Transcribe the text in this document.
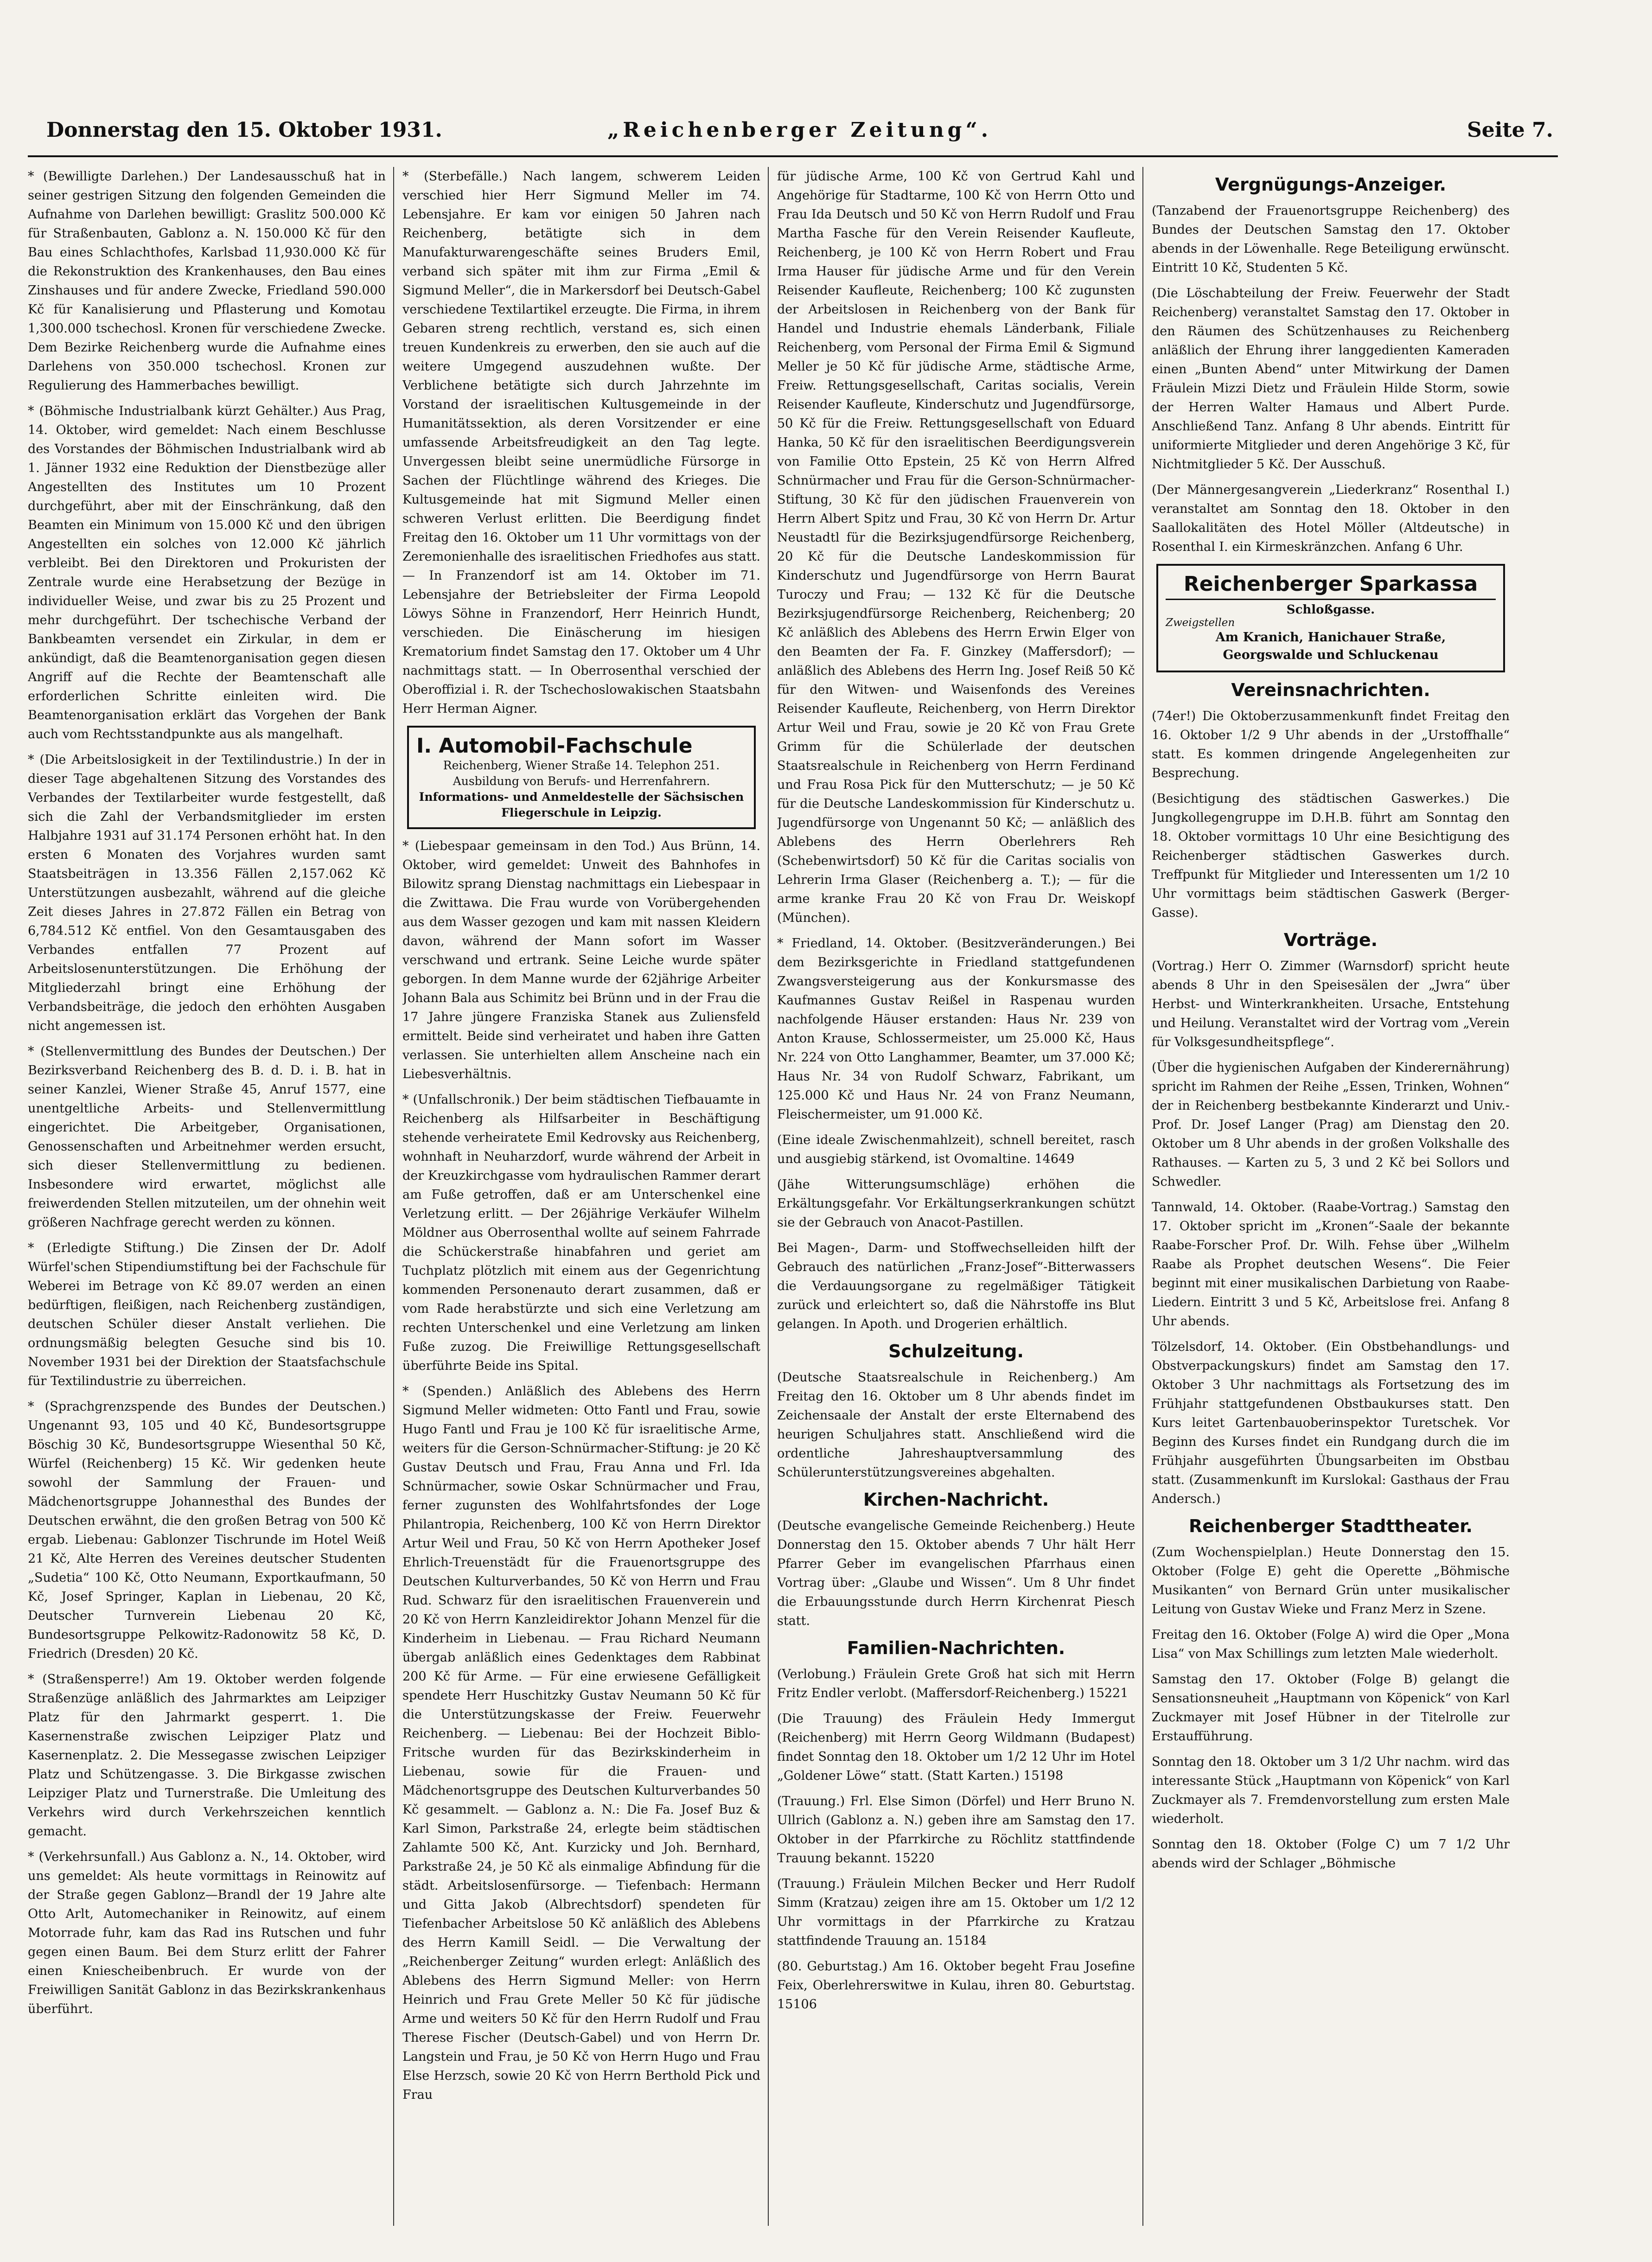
Donnerstag den 15. Oktober 1931.	„Reichenberger Zeitung“.	Seite 7.

* (Bewilligte Darlehen.) Der Landesausschuß hat in seiner gestrigen Sitzung den folgenden Gemeinden die Aufnahme von Darlehen bewilligt: Graslitz 500.000 Kč für Straßenbauten, Gablonz a. N. 150.000 Kč für den Bau eines Schlachthofes, Karlsbad 11,930.000 Kč für die Rekonstruktion des Krankenhauses, den Bau eines Zinshauses und für andere Zwecke, Friedland 590.000 Kč für Kanalisierung und Pflasterung und Komotau 1,300.000 tschechosl. Kronen für verschiedene Zwecke. Dem Bezirke Reichenberg wurde die Aufnahme eines Darlehens von 350.000 tschechosl. Kronen zur Regulierung des Hammerbaches bewilligt.

* (Böhmische Industrialbank kürzt Gehälter.) Aus Prag, 14. Oktober, wird gemeldet: Nach einem Beschlusse des Vorstandes der Böhmischen Industrialbank wird ab 1. Jänner 1932 eine Reduktion der Dienstbezüge aller Angestellten des Institutes um 10 Prozent durchgeführt, aber mit der Einschränkung, daß den Beamten ein Minimum von 15.000 Kč und den übrigen Angestellten ein solches von 12.000 Kč jährlich verbleibt. Bei den Direktoren und Prokuristen der Zentrale wurde eine Herabsetzung der Bezüge in individueller Weise, und zwar bis zu 25 Prozent und mehr durchgeführt. Der tschechische Verband der Bankbeamten versendet ein Zirkular, in dem er ankündigt, daß die Beamtenorganisation gegen diesen Angriff auf die Rechte der Beamtenschaft alle erforderlichen Schritte einleiten wird. Die Beamtenorganisation erklärt das Vorgehen der Bank auch vom Rechtsstandpunkte aus als mangelhaft.

* (Die Arbeitslosigkeit in der Textilindustrie.) In der in dieser Tage abgehaltenen Sitzung des Vorstandes des Verbandes der Textilarbeiter wurde festgestellt, daß sich die Zahl der Verbandsmitglieder im ersten Halbjahre 1931 auf 31.174 Personen erhöht hat. In den ersten 6 Monaten des Vorjahres wurden samt Staatsbeiträgen in 13.356 Fällen 2,157.062 Kč Unterstützungen ausbezahlt, während auf die gleiche Zeit dieses Jahres in 27.872 Fällen ein Betrag von 6,784.512 Kč entfiel. Von den Gesamtausgaben des Verbandes entfallen 77 Prozent auf Arbeitslosenunterstützungen. Die Erhöhung der Mitgliederzahl bringt eine Erhöhung der Verbandsbeiträge, die jedoch den erhöhten Ausgaben nicht angemessen ist.

* (Stellenvermittlung des Bundes der Deutschen.) Der Bezirksverband Reichenberg des B. d. D. i. B. hat in seiner Kanzlei, Wiener Straße 45, Anruf 1577, eine unentgeltliche Arbeits- und Stellenvermittlung eingerichtet. Die Arbeitgeber, Organisationen, Genossenschaften und Arbeitnehmer werden ersucht, sich dieser Stellenvermittlung zu bedienen. Insbesondere wird erwartet, möglichst alle freiwerdenden Stellen mitzuteilen, um der ohnehin weit größeren Nachfrage gerecht werden zu können.

* (Erledigte Stiftung.) Die Zinsen der Dr. Adolf Würfel'schen Stipendiumstiftung bei der Fachschule für Weberei im Betrage von Kč 89.07 werden an einen bedürftigen, fleißigen, nach Reichenberg zuständigen, deutschen Schüler dieser Anstalt verliehen. Die ordnungsmäßig belegten Gesuche sind bis 10. November 1931 bei der Direktion der Staatsfachschule für Textilindustrie zu überreichen.

* (Sprachgrenzspende des Bundes der Deutschen.) Ungenannt 93, 105 und 40 Kč, Bundesortsgruppe Böschig 30 Kč, Bundesortsgruppe Wiesenthal 50 Kč, Würfel (Reichenberg) 15 Kč. Wir gedenken heute sowohl der Sammlung der Frauen- und Mädchenortsgruppe Johannesthal des Bundes der Deutschen erwähnt, die den großen Betrag von 500 Kč ergab. Liebenau: Gablonzer Tischrunde im Hotel Weiß 21 Kč, Alte Herren des Vereines deutscher Studenten „Sudetia“ 100 Kč, Otto Neumann, Exportkaufmann, 50 Kč, Josef Springer, Kaplan in Liebenau, 20 Kč, Deutscher Turnverein Liebenau 20 Kč, Bundesortsgruppe Pelkowitz-Radonowitz 58 Kč, D. Friedrich (Dresden) 20 Kč.

* (Straßensperre!) Am 19. Oktober werden folgende Straßenzüge anläßlich des Jahrmarktes am Leipziger Platz für den Jahrmarkt gesperrt. 1. Die Kasernenstraße zwischen Leipziger Platz und Kasernenplatz. 2. Die Messegasse zwischen Leipziger Platz und Schützengasse. 3. Die Birkgasse zwischen Leipziger Platz und Turnerstraße. Die Umleitung des Verkehrs wird durch Verkehrszeichen kenntlich gemacht.

* (Verkehrsunfall.) Aus Gablonz a. N., 14. Oktober, wird uns gemeldet: Als heute vormittags in Reinowitz auf der Straße gegen Gablonz—Brandl der 19 Jahre alte Otto Arlt, Automechaniker in Reinowitz, auf einem Motorrade fuhr, kam das Rad ins Rutschen und fuhr gegen einen Baum. Bei dem Sturz erlitt der Fahrer einen Kniescheibenbruch. Er wurde von der Freiwilligen Sanität Gablonz in das Bezirkskrankenhaus überführt.

* (Sterbefälle.) Nach langem, schwerem Leiden verschied hier Herr Sigmund Meller im 74. Lebensjahre. Er kam vor einigen 50 Jahren nach Reichenberg, betätigte sich in dem Manufakturwarengeschäfte seines Bruders Emil, verband sich später mit ihm zur Firma „Emil & Sigmund Meller“, die in Markersdorf bei Deutsch-Gabel verschiedene Textilartikel erzeugte. Die Firma, in ihrem Gebaren streng rechtlich, verstand es, sich einen treuen Kundenkreis zu erwerben, den sie auch auf die weitere Umgegend auszudehnen wußte. Der Verblichene betätigte sich durch Jahrzehnte im Vorstand der israelitischen Kultusgemeinde in der Humanitätssektion, als deren Vorsitzender er eine umfassende Arbeitsfreudigkeit an den Tag legte. Unvergessen bleibt seine unermüdliche Fürsorge in Sachen der Flüchtlinge während des Krieges. Die Kultusgemeinde hat mit Sigmund Meller einen schweren Verlust erlitten. Die Beerdigung findet Freitag den 16. Oktober um 11 Uhr vormittags von der Zeremonienhalle des israelitischen Friedhofes aus statt. — In Franzendorf ist am 14. Oktober im 71. Lebensjahre der Betriebsleiter der Firma Leopold Löwys Söhne in Franzendorf, Herr Heinrich Hundt, verschieden. Die Einäscherung im hiesigen Krematorium findet Samstag den 17. Oktober um 4 Uhr nachmittags statt. — In Oberrosenthal verschied der Oberoffizial i. R. der Tschechoslowakischen Staatsbahn Herr Herman Aigner.

I. Automobil-Fachschule
Reichenberg, Wiener Straße 14. Telephon 251.
Ausbildung von Berufs- und Herrenfahrern.
Informations- und Anmeldestelle der Sächsischen Fliegerschule in Leipzig.

* (Liebespaar gemeinsam in den Tod.) Aus Brünn, 14. Oktober, wird gemeldet: Unweit des Bahnhofes in Bilowitz sprang Dienstag nachmittags ein Liebespaar in die Zwittawa. Die Frau wurde von Vorübergehenden aus dem Wasser gezogen und kam mit nassen Kleidern davon, während der Mann sofort im Wasser verschwand und ertrank. Seine Leiche wurde später geborgen. In dem Manne wurde der 62jährige Arbeiter Johann Bala aus Schimitz bei Brünn und in der Frau die 17 Jahre jüngere Franziska Stanek aus Zuliensfeld ermittelt. Beide sind verheiratet und haben ihre Gatten verlassen. Sie unterhielten allem Anscheine nach ein Liebesverhältnis.

* (Unfallschronik.) Der beim städtischen Tiefbauamte in Reichenberg als Hilfsarbeiter in Beschäftigung stehende verheiratete Emil Kedrovsky aus Reichenberg, wohnhaft in Neuharzdorf, wurde während der Arbeit in der Kreuzkirchgasse vom hydraulischen Rammer derart am Fuße getroffen, daß er am Unterschenkel eine Verletzung erlitt. — Der 26jährige Verkäufer Wilhelm Möldner aus Oberrosenthal wollte auf seinem Fahrrade die Schückerstraße hinabfahren und geriet am Tuchplatz plötzlich mit einem aus der Gegenrichtung kommenden Personenauto derart zusammen, daß er vom Rade herabstürzte und sich eine Verletzung am rechten Unterschenkel und eine Verletzung am linken Fuße zuzog. Die Freiwillige Rettungsgesellschaft überführte Beide ins Spital.

* (Spenden.) Anläßlich des Ablebens des Herrn Sigmund Meller widmeten: Otto Fantl und Frau, sowie Hugo Fantl und Frau je 100 Kč für israelitische Arme, weiters für die Gerson-Schnürmacher-Stiftung: je 20 Kč Gustav Deutsch und Frau, Frau Anna und Frl. Ida Schnürmacher, sowie Oskar Schnürmacher und Frau, ferner zugunsten des Wohlfahrtsfondes der Loge Philantropia, Reichenberg, 100 Kč von Herrn Direktor Artur Weil und Frau, 50 Kč von Herrn Apotheker Josef Ehrlich-Treuenstädt für die Frauenortsgruppe des Deutschen Kulturverbandes, 50 Kč von Herrn und Frau Rud. Schwarz für den israelitischen Frauenverein und 20 Kč von Herrn Kanzleidirektor Johann Menzel für die Kinderheim in Liebenau. — Frau Richard Neumann übergab anläßlich eines Gedenktages dem Rabbinat 200 Kč für Arme. — Für eine erwiesene Gefälligkeit spendete Herr Huschitzky Gustav Neumann 50 Kč für die Unterstützungskasse der Freiw. Feuerwehr Reichenberg. — Liebenau: Bei der Hochzeit Biblo-Fritsche wurden für das Bezirkskinderheim in Liebenau, sowie für die Frauen- und Mädchenortsgruppe des Deutschen Kulturverbandes 50 Kč gesammelt. — Gablonz a. N.: Die Fa. Josef Buz & Karl Simon, Parkstraße 24, erlegte beim städtischen Zahlamte 500 Kč, Ant. Kurzicky und Joh. Bernhard, Parkstraße 24, je 50 Kč als einmalige Abfindung für die städt. Arbeitslosenfürsorge. — Tiefenbach: Hermann und Gitta Jakob (Albrechtsdorf) spendeten für Tiefenbacher Arbeitslose 50 Kč anläßlich des Ablebens des Herrn Kamill Seidl. — Die Verwaltung der „Reichenberger Zeitung“ wurden erlegt: Anläßlich des Ablebens des Herrn Sigmund Meller: von Herrn Heinrich und Frau Grete Meller 50 Kč für jüdische Arme und weiters 50 Kč für den Herrn Rudolf und Frau Therese Fischer (Deutsch-Gabel) und von Herrn Dr. Langstein und Frau, je 50 Kč von Herrn Hugo und Frau Else Herzsch, sowie 20 Kč von Herrn Berthold Pick und Frau

für jüdische Arme, 100 Kč von Gertrud Kahl und Angehörige für Stadtarme, 100 Kč von Herrn Otto und Frau Ida Deutsch und 50 Kč von Herrn Rudolf und Frau Martha Fasche für den Verein Reisender Kaufleute, Reichenberg, je 100 Kč von Herrn Robert und Frau Irma Hauser für jüdische Arme und für den Verein Reisender Kaufleute, Reichenberg; 100 Kč zugunsten der Arbeitslosen in Reichenberg von der Bank für Handel und Industrie ehemals Länderbank, Filiale Reichenberg, vom Personal der Firma Emil & Sigmund Meller je 50 Kč für jüdische Arme, städtische Arme, Freiw. Rettungsgesellschaft, Caritas socialis, Verein Reisender Kaufleute, Kinderschutz und Jugendfürsorge, 50 Kč für die Freiw. Rettungsgesellschaft von Eduard Hanka, 50 Kč für den israelitischen Beerdigungsverein von Familie Otto Epstein, 25 Kč von Herrn Alfred Schnürmacher und Frau für die Gerson-Schnürmacher-Stiftung, 30 Kč für den jüdischen Frauenverein von Herrn Albert Spitz und Frau, 30 Kč von Herrn Dr. Artur Neustadtl für die Bezirksjugendfürsorge Reichenberg, 20 Kč für die Deutsche Landeskommission für Kinderschutz und Jugendfürsorge von Herrn Baurat Turoczy und Frau; — 132 Kč für die Deutsche Bezirksjugendfürsorge Reichenberg, Reichenberg; 20 Kč anläßlich des Ablebens des Herrn Erwin Elger von den Beamten der Fa. F. Ginzkey (Maffersdorf); — anläßlich des Ablebens des Herrn Ing. Josef Reiß 50 Kč für den Witwen- und Waisenfonds des Vereines Reisender Kaufleute, Reichenberg, von Herrn Direktor Artur Weil und Frau, sowie je 20 Kč von Frau Grete Grimm für die Schülerlade der deutschen Staatsrealschule in Reichenberg von Herrn Ferdinand und Frau Rosa Pick für den Mutterschutz; — je 50 Kč für die Deutsche Landeskommission für Kinderschutz u. Jugendfürsorge von Ungenannt 50 Kč; — anläßlich des Ablebens des Herrn Oberlehrers Reh (Schebenwirtsdorf) 50 Kč für die Caritas socialis von Lehrerin Irma Glaser (Reichenberg a. T.); — für die arme kranke Frau 20 Kč von Frau Dr. Weiskopf (München).

* Friedland, 14. Oktober. (Besitzveränderungen.) Bei dem Bezirksgerichte in Friedland stattgefundenen Zwangsversteigerung aus der Konkursmasse des Kaufmannes Gustav Reißel in Raspenau wurden nachfolgende Häuser erstanden: Haus Nr. 239 von Anton Krause, Schlossermeister, um 25.000 Kč, Haus Nr. 224 von Otto Langhammer, Beamter, um 37.000 Kč; Haus Nr. 34 von Rudolf Schwarz, Fabrikant, um 125.000 Kč und Haus Nr. 24 von Franz Neumann, Fleischermeister, um 91.000 Kč.

(Eine ideale Zwischenmahlzeit), schnell bereitet, rasch und ausgiebig stärkend, ist Ovomaltine. 14649

(Jähe Witterungsumschläge) erhöhen die Erkältungsgefahr. Vor Erkältungserkrankungen schützt sie der Gebrauch von Anacot-Pastillen.

Bei Magen-, Darm- und Stoffwechselleiden hilft der Gebrauch des natürlichen „Franz-Josef“-Bitterwassers die Verdauungsorgane zu regelmäßiger Tätigkeit zurück und erleichtert so, daß die Nährstoffe ins Blut gelangen. In Apoth. und Drogerien erhältlich.

Schulzeitung.

(Deutsche Staatsrealschule in Reichenberg.) Am Freitag den 16. Oktober um 8 Uhr abends findet im Zeichensaale der Anstalt der erste Elternabend des heurigen Schuljahres statt. Anschließend wird die ordentliche Jahreshauptversammlung des Schülerunterstützungsvereines abgehalten.

Kirchen-Nachricht.

(Deutsche evangelische Gemeinde Reichenberg.) Heute Donnerstag den 15. Oktober abends 7 Uhr hält Herr Pfarrer Geber im evangelischen Pfarrhaus einen Vortrag über: „Glaube und Wissen“. Um 8 Uhr findet die Erbauungsstunde durch Herrn Kirchenrat Piesch statt.

Familien-Nachrichten.

(Verlobung.) Fräulein Grete Groß hat sich mit Herrn Fritz Endler verlobt. (Maffersdorf-Reichenberg.) 15221

(Die Trauung) des Fräulein Hedy Immergut (Reichenberg) mit Herrn Georg Wildmann (Budapest) findet Sonntag den 18. Oktober um 1/2 12 Uhr im Hotel „Goldener Löwe“ statt. (Statt Karten.) 15198

(Trauung.) Frl. Else Simon (Dörfel) und Herr Bruno N. Ullrich (Gablonz a. N.) geben ihre am Samstag den 17. Oktober in der Pfarrkirche zu Röchlitz stattfindende Trauung bekannt. 15220

(Trauung.) Fräulein Milchen Becker und Herr Rudolf Simm (Kratzau) zeigen ihre am 15. Oktober um 1/2 12 Uhr vormittags in der Pfarrkirche zu Kratzau stattfindende Trauung an. 15184

(80. Geburtstag.) Am 16. Oktober begeht Frau Josefine Feix, Oberlehrerswitwe in Kulau, ihren 80. Geburtstag. 15106

Vergnügungs-Anzeiger.

(Tanzabend der Frauenortsgruppe Reichenberg) des Bundes der Deutschen Samstag den 17. Oktober abends in der Löwenhalle. Rege Beteiligung erwünscht. Eintritt 10 Kč, Studenten 5 Kč.

(Die Löschabteilung der Freiw. Feuerwehr der Stadt Reichenberg) veranstaltet Samstag den 17. Oktober in den Räumen des Schützenhauses zu Reichenberg anläßlich der Ehrung ihrer langgedienten Kameraden einen „Bunten Abend“ unter Mitwirkung der Damen Fräulein Mizzi Dietz und Fräulein Hilde Storm, sowie der Herren Walter Hamaus und Albert Purde. Anschließend Tanz. Anfang 8 Uhr abends. Eintritt für uniformierte Mitglieder und deren Angehörige 3 Kč, für Nichtmitglieder 5 Kč. Der Ausschuß.

(Der Männergesangverein „Liederkranz“ Rosenthal I.) veranstaltet am Sonntag den 18. Oktober in den Saallokalitäten des Hotel Möller (Altdeutsche) in Rosenthal I. ein Kirmeskränzchen. Anfang 6 Uhr.

Reichenberger Sparkassa
Schloßgasse.
Zweigstellen
Am Kranich, Hanichauer Straße,
Georgswalde und Schluckenau
Vereinsnachrichten.

(74er!) Die Oktoberzusammenkunft findet Freitag den 16. Oktober 1/2 9 Uhr abends in der „Urstoffhalle“ statt. Es kommen dringende Angelegenheiten zur Besprechung.

(Besichtigung des städtischen Gaswerkes.) Die Jungkollegengruppe im D.H.B. führt am Sonntag den 18. Oktober vormittags 10 Uhr eine Besichtigung des Reichenberger städtischen Gaswerkes durch. Treffpunkt für Mitglieder und Interessenten um 1/2 10 Uhr vormittags beim städtischen Gaswerk (Berger-Gasse).

Vorträge.

(Vortrag.) Herr O. Zimmer (Warnsdorf) spricht heute abends 8 Uhr in den Speisesälen der „Jwra“ über Herbst- und Winterkrankheiten. Ursache, Entstehung und Heilung. Veranstaltet wird der Vortrag vom „Verein für Volksgesundheitspflege“.

(Über die hygienischen Aufgaben der Kinderernährung) spricht im Rahmen der Reihe „Essen, Trinken, Wohnen“ der in Reichenberg bestbekannte Kinderarzt und Univ.-Prof. Dr. Josef Langer (Prag) am Dienstag den 20. Oktober um 8 Uhr abends in der großen Volkshalle des Rathauses. — Karten zu 5, 3 und 2 Kč bei Sollors und Schwedler.

Tannwald, 14. Oktober. (Raabe-Vortrag.) Samstag den 17. Oktober spricht im „Kronen“-Saale der bekannte Raabe-Forscher Prof. Dr. Wilh. Fehse über „Wilhelm Raabe als Prophet deutschen Wesens“. Die Feier beginnt mit einer musikalischen Darbietung von Raabe-Liedern. Eintritt 3 und 5 Kč, Arbeitslose frei. Anfang 8 Uhr abends.

Tölzelsdorf, 14. Oktober. (Ein Obstbehandlungs- und Obstverpackungskurs) findet am Samstag den 17. Oktober 3 Uhr nachmittags als Fortsetzung des im Frühjahr stattgefundenen Obstbaukurses statt. Den Kurs leitet Gartenbauoberinspektor Turetschek. Vor Beginn des Kurses findet ein Rundgang durch die im Frühjahr ausgeführten Übungsarbeiten im Obstbau statt. (Zusammenkunft im Kurslokal: Gasthaus der Frau Andersch.)

Reichenberger Stadttheater.

(Zum Wochenspielplan.) Heute Donnerstag den 15. Oktober (Folge E) geht die Operette „Böhmische Musikanten“ von Bernard Grün unter musikalischer Leitung von Gustav Wieke und Franz Merz in Szene.

Freitag den 16. Oktober (Folge A) wird die Oper „Mona Lisa“ von Max Schillings zum letzten Male wiederholt.

Samstag den 17. Oktober (Folge B) gelangt die Sensationsneuheit „Hauptmann von Köpenick“ von Karl Zuckmayer mit Josef Hübner in der Titelrolle zur Erstaufführung.

Sonntag den 18. Oktober um 3 1/2 Uhr nachm. wird das interessante Stück „Hauptmann von Köpenick“ von Karl Zuckmayer als 7. Fremdenvorstellung zum ersten Male wiederholt.

Sonntag den 18. Oktober (Folge C) um 7 1/2 Uhr abends wird der Schlager „Böhmische
